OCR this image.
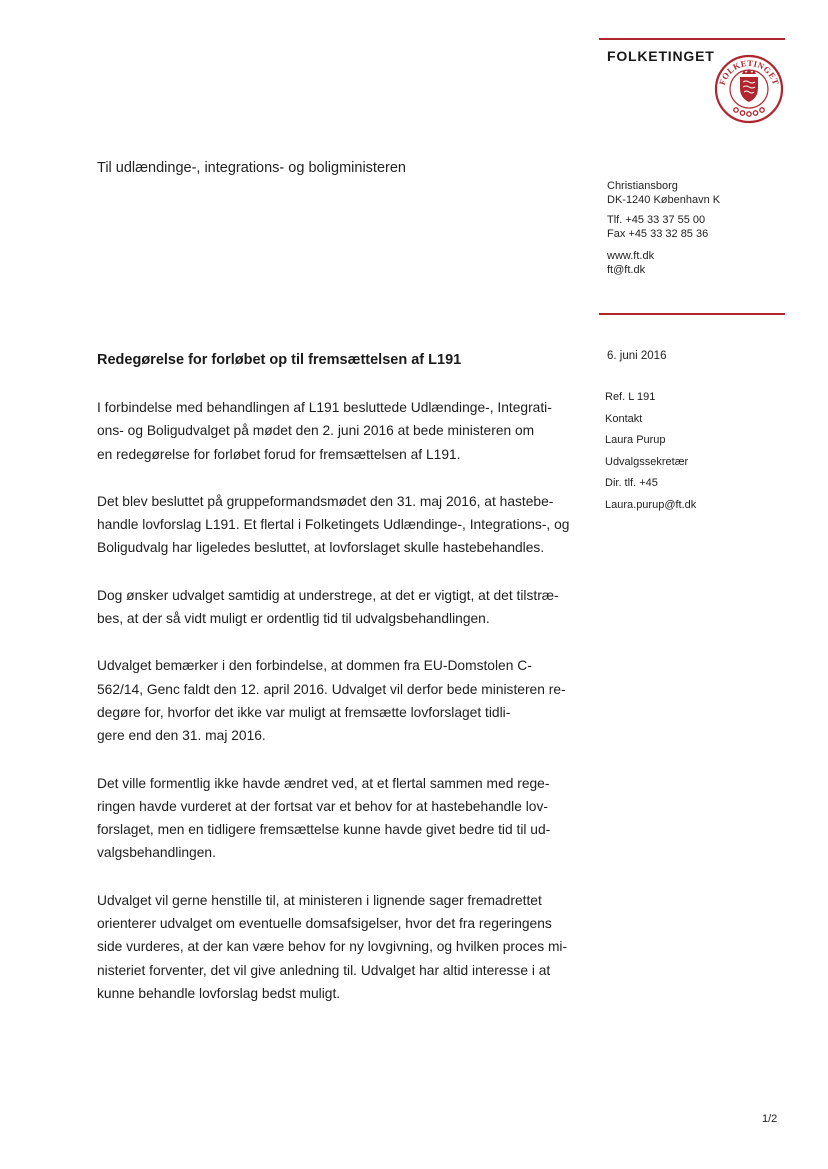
FOLKETINGET
FOLKETINGET
Til udlændinge-, integrations- og boligministeren
Christiansborg
DK-1240 København K
Tlf. +45 33 37 55 00
Fax +45 33 32 85 36
www.ft.dk
ft@ft.dk
Redegørelse for forløbet op til fremsættelsen af L191	6. juni 2016
Ref. L 191
Kontakt
Laura Purup
Udvalgssekretær
Dir. tlf. +45
Laura.purup@ft.dk
I forbindelse med behandlingen af L191 besluttede Udlændinge-, Integrati-
ons- og Boligudvalget på mødet den 2. juni 2016 at bede ministeren om
en redegørelse for forløbet forud for fremsættelsen af L191.
Det blev besluttet på gruppeformandsmødet den 31. maj 2016, at hastebe-
handle lovforslag L191. Et flertal i Folketingets Udlændinge-, Integrations-, og
Boligudvalg har ligeledes besluttet, at lovforslaget skulle hastebehandles.
Dog ønsker udvalget samtidig at understrege, at det er vigtigt, at det tilstræ-
bes, at der så vidt muligt er ordentlig tid til udvalgsbehandlingen.
Udvalget bemærker i den forbindelse, at dommen fra EU-Domstolen C-
562/14, Genc faldt den 12. april 2016. Udvalget vil derfor bede ministeren re-
degøre for, hvorfor det ikke var muligt at fremsætte lovforslaget tidli-
gere end den 31. maj 2016.
Det ville formentlig ikke havde ændret ved, at et flertal sammen med rege-
ringen havde vurderet at der fortsat var et behov for at hastebehandle lov-
forslaget, men en tidligere fremsættelse kunne havde givet bedre tid til ud-
valgsbehandlingen.
Udvalget vil gerne henstille til, at ministeren i lignende sager fremadrettet
orienterer udvalget om eventuelle domsafsigelser, hvor det fra regeringens
side vurderes, at der kan være behov for ny lovgivning, og hvilken proces mi-
nisteriet forventer, det vil give anledning til. Udvalget har altid interesse i at
kunne behandle lovforslag bedst muligt.
1/2
